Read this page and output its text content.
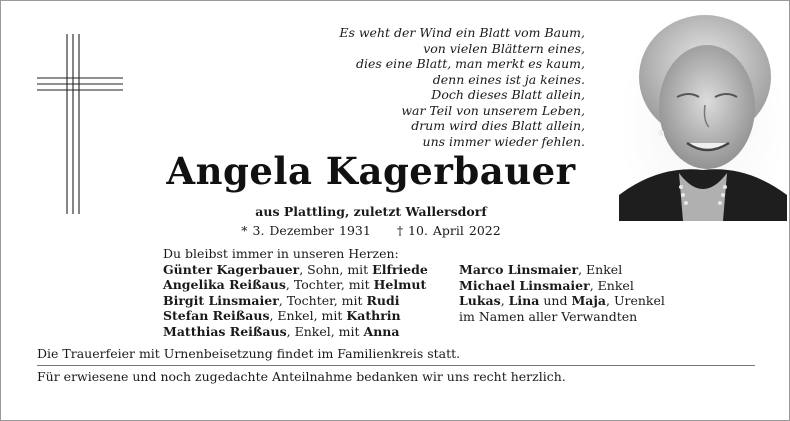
Es weht der Wind ein Blatt vom Baum,
von vielen Blättern eines,
dies eine Blatt, man merkt es kaum,
denn eines ist ja keines.
Doch dieses Blatt allein,
war Teil von unserem Leben,
drum wird dies Blatt allein,
uns immer wieder fehlen.
Angela Kagerbauer
aus Plattling, zuletzt Wallersdorf
* 3. Dezember 1931 † 10. April 2022
Du bleibst immer in unseren Herzen:
Günter Kagerbauer, Sohn, mit Elfriede
Angelika Reißaus, Tochter, mit Helmut
Birgit Linsmaier, Tochter, mit Rudi
Stefan Reißaus, Enkel, mit Kathrin
Matthias Reißaus, Enkel, mit Anna
Marco Linsmaier, Enkel
Michael Linsmaier, Enkel
Lukas, Lina und Maja, Urenkel
im Namen aller Verwandten
Die Trauerfeier mit Urnenbeisetzung findet im Familienkreis statt.
Für erwiesene und noch zugedachte Anteilnahme bedanken wir uns recht herzlich.
